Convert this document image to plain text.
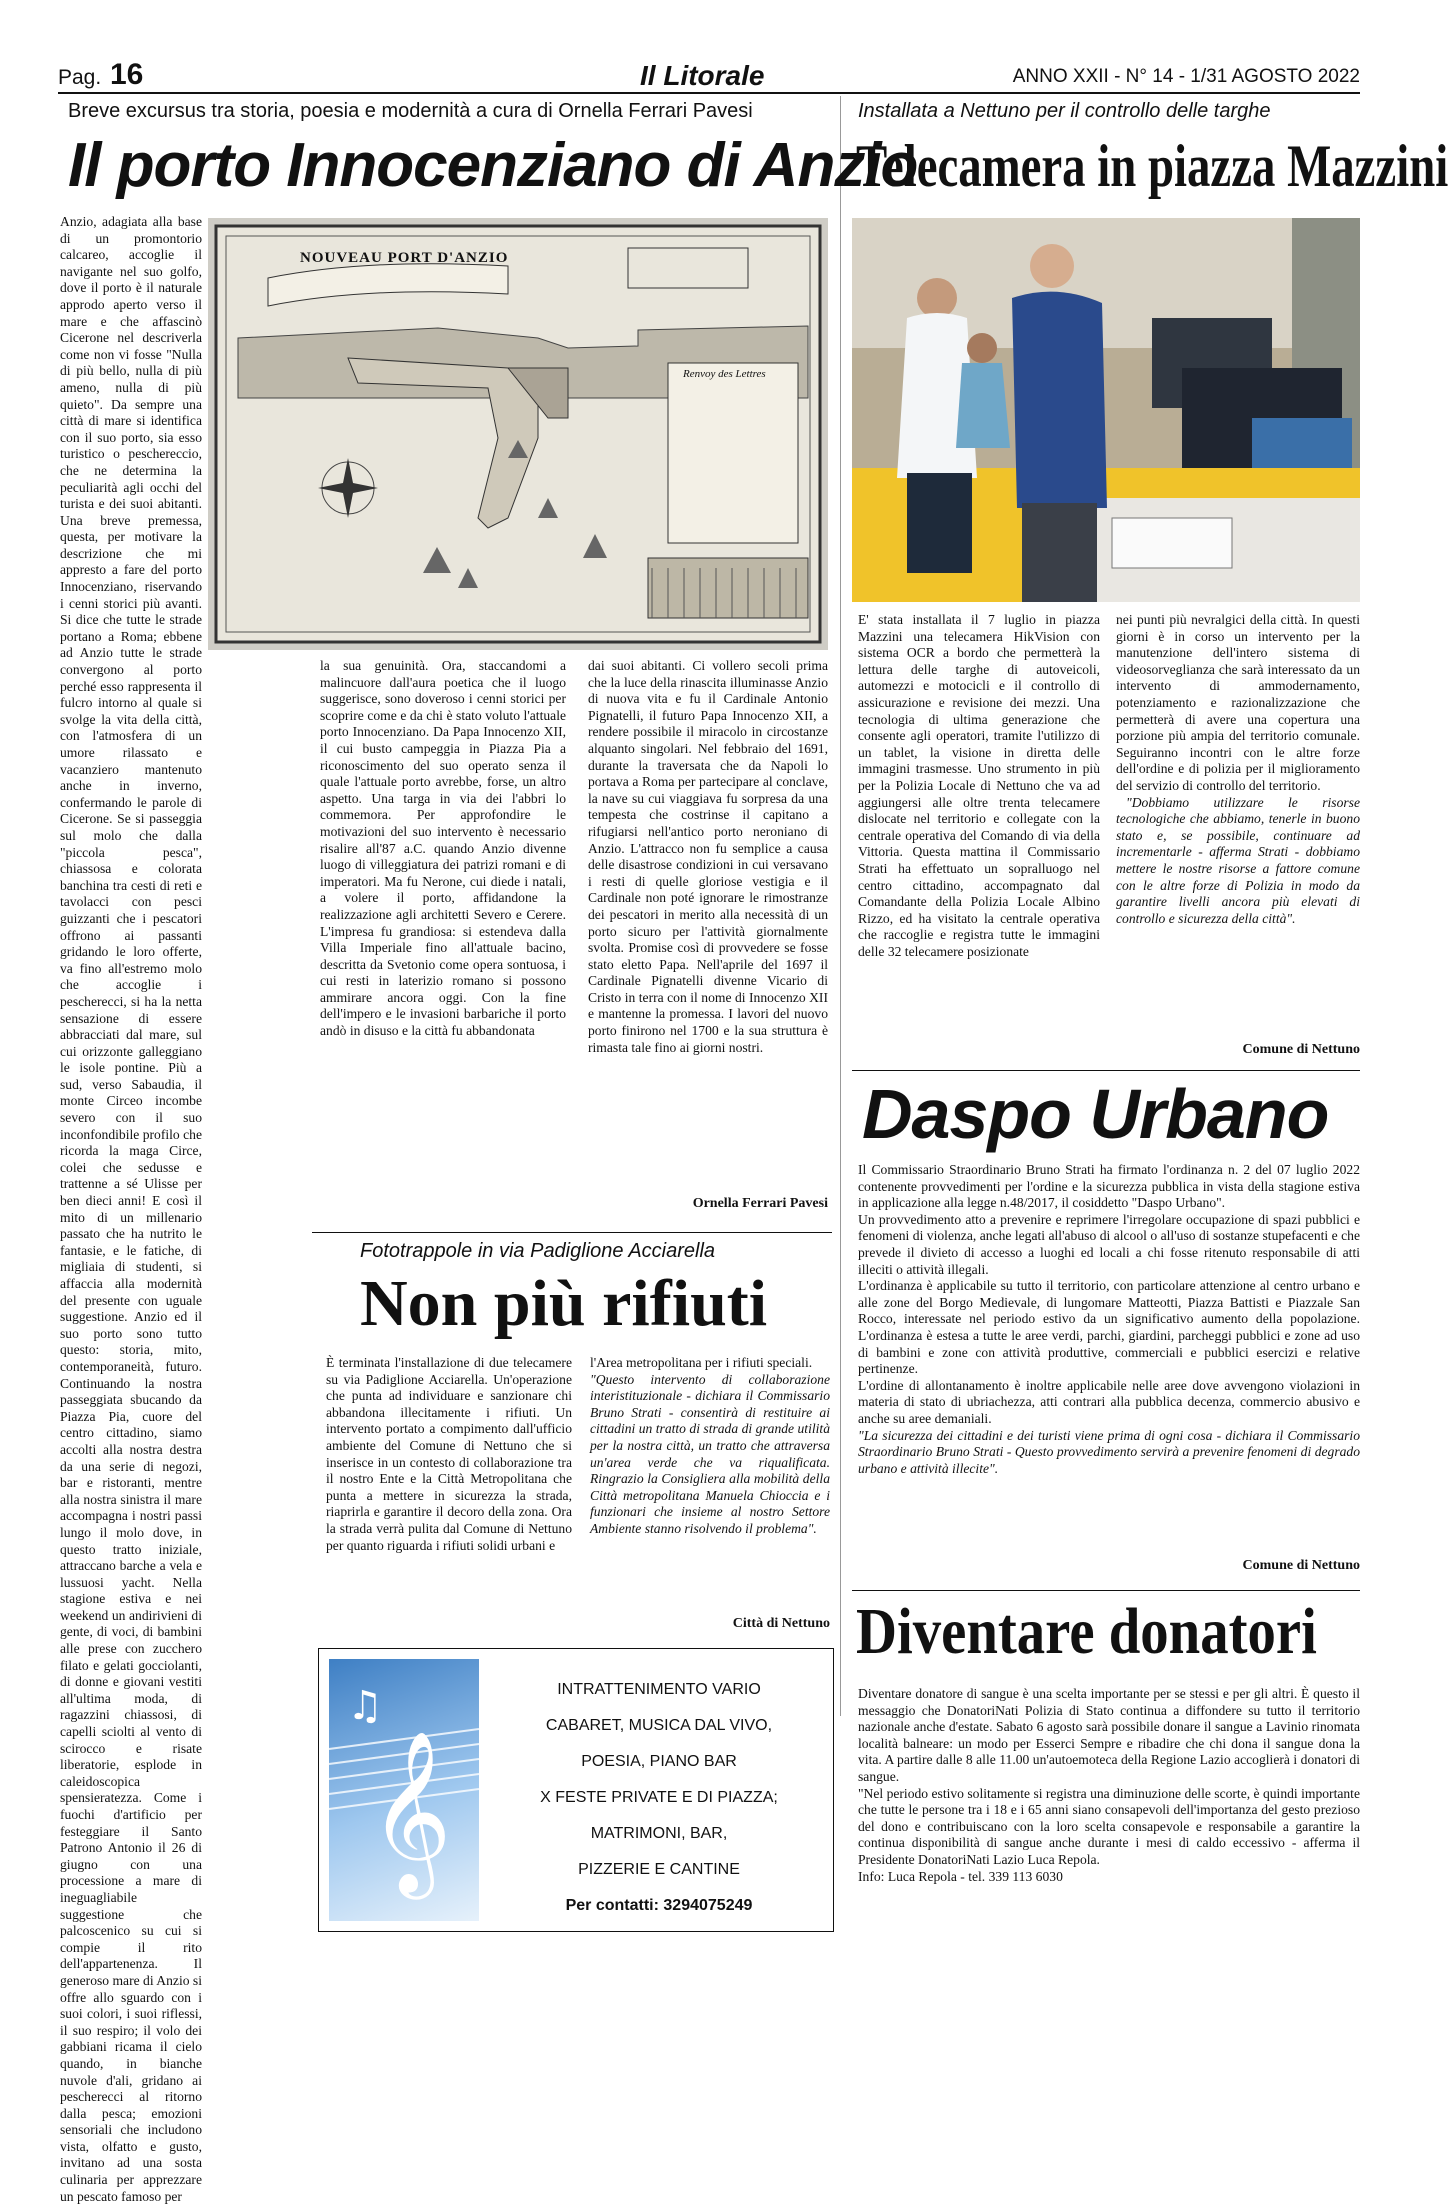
Pag. 16	Il Litorale	ANNO XXII - N° 14 - 1/31 AGOSTO 2022
Breve excursus tra storia, poesia e modernità a cura di Ornella Ferrari Pavesi
Il porto Innocenziano di Anzio
NOUVEAU PORT D'ANZIO
Renvoy des Lettres

Anzio, adagiata alla base di un promontorio calcareo, accoglie il navigante nel suo golfo, dove il porto è il naturale approdo aperto verso il mare e che affascinò Cicerone nel descriverla come non vi fosse "Nulla di più bello, nulla di più ameno, nulla di più quieto". Da sempre una città di mare si identifica con il suo porto, sia esso turistico o peschereccio, che ne determina la peculiarità agli occhi del turista e dei suoi abitanti. Una breve premessa, questa, per motivare la descrizione che mi appresto a fare del porto Innocenziano, riservando i cenni storici più avanti. Si dice che tutte le strade portano a Roma; ebbene ad Anzio tutte le strade convergono al porto perché esso rappresenta il fulcro intorno al quale si svolge la vita della città, con l'atmosfera di un umore rilassato e vacanziero mantenuto anche in inverno, confermando le parole di Cicerone. Se si passeggia sul molo che dalla "piccola pesca", chiassosa e colorata banchina tra cesti di reti e tavolacci con pesci guizzanti che i pescatori offrono ai passanti gridando le loro offerte, va fino all'estremo molo che accoglie i pescherecci, si ha la netta sensazione di essere abbracciati dal mare, sul cui orizzonte galleggiano le isole pontine. Più a sud, verso Sabaudia, il monte Circeo incombe severo con il suo inconfondibile profilo che ricorda la maga Circe, colei che sedusse e trattenne a sé Ulisse per ben dieci anni! E così il mito di un millenario passato che ha nutrito le fantasie, e le fatiche, di migliaia di studenti, si affaccia alla modernità del presente con uguale suggestione. Anzio ed il suo porto sono tutto questo: storia, mito, contemporaneità, futuro. Continuando la nostra passeggiata sbucando da Piazza Pia, cuore del centro cittadino, siamo accolti alla nostra destra da una serie di negozi, bar e ristoranti, mentre alla nostra sinistra il mare accompagna i nostri passi lungo il molo dove, in questo tratto iniziale, attraccano barche a vela e lussuosi yacht. Nella stagione estiva e nei weekend un andirivieni di gente, di voci, di bambini alle prese con zucchero filato e gelati gocciolanti, di donne e giovani vestiti all'ultima moda, di ragazzini chiassosi, di capelli sciolti al vento di scirocco e risate liberatorie, esplode in caleidoscopica spensieratezza. Come i fuochi d'artificio per festeggiare il Santo Patrono Antonio il 26 di giugno con una processione a mare di ineguagliabile suggestione che palcoscenico su cui si compie il rito dell'appartenenza. Il generoso mare di Anzio si offre allo sguardo con i suoi colori, i suoi riflessi, il suo respiro; il volo dei gabbiani ricama il cielo quando, in bianche nuvole d'ali, gridano ai pescherecci al ritorno dalla pesca; emozioni sensoriali che includono vista, olfatto e gusto, invitano ad una sosta culinaria per apprezzare un pescato famoso per

la sua genuinità. Ora, staccandomi a malincuore dall'aura poetica che il luogo suggerisce, sono doveroso i cenni storici per scoprire come e da chi è stato voluto l'attuale porto Innocenziano. Da Papa Innocenzo XII, il cui busto campeggia in Piazza Pia a riconoscimento del suo operato senza il quale l'attuale porto avrebbe, forse, un altro aspetto. Una targa in via dei l'abbri lo commemora. Per approfondire le motivazioni del suo intervento è necessario risalire all'87 a.C. quando Anzio divenne luogo di villeggiatura dei patrizi romani e di imperatori. Ma fu Nerone, cui diede i natali, a volere il porto, affidandone la realizzazione agli architetti Severo e Cerere. L'impresa fu grandiosa: si estendeva dalla Villa Imperiale fino all'attuale bacino, descritta da Svetonio come opera sontuosa, i cui resti in laterizio romano si possono ammirare ancora oggi. Con la fine dell'impero e le invasioni barbariche il porto andò in disuso e la città fu abbandonata

dai suoi abitanti. Ci vollero secoli prima che la luce della rinascita illuminasse Anzio di nuova vita e fu il Cardinale Antonio Pignatelli, il futuro Papa Innocenzo XII, a rendere possibile il miracolo in circostanze alquanto singolari. Nel febbraio del 1691, durante la traversata che da Napoli lo portava a Roma per partecipare al conclave, la nave su cui viaggiava fu sorpresa da una tempesta che costrinse il capitano a rifugiarsi nell'antico porto neroniano di Anzio. L'attracco non fu semplice a causa delle disastrose condizioni in cui versavano i resti di quelle gloriose vestigia e il Cardinale non poté ignorare le rimostranze dei pescatori in merito alla necessità di un porto sicuro per l'attività giornalmente svolta. Promise così di provvedere se fosse stato eletto Papa. Nell'aprile del 1697 il Cardinale Pignatelli divenne Vicario di Cristo in terra con il nome di Innocenzo XII e mantenne la promessa. I lavori del nuovo porto finirono nel 1700 e la sua struttura è rimasta tale fino ai giorni nostri.

Ornella Ferrari Pavesi
Fototrappole in via Padiglione Acciarella
Non più rifiuti

È terminata l'installazione di due telecamere su via Padiglione Acciarella. Un'operazione che punta ad individuare e sanzionare chi abbandona illecitamente i rifiuti. Un intervento portato a compimento dall'ufficio ambiente del Comune di Nettuno che si inserisce in un contesto di collaborazione tra il nostro Ente e la Città Metropolitana che punta a mettere in sicurezza la strada, riaprirla e garantire il decoro della zona. Ora la strada verrà pulita dal Comune di Nettuno per quanto riguarda i rifiuti solidi urbani e

l'Area metropolitana per i rifiuti speciali.

"Questo intervento di collaborazione interistituzionale - dichiara il Commissario Bruno Strati - consentirà di restituire ai cittadini un tratto di strada di grande utilità per la nostra città, un tratto che attraversa un'area verde che va riqualificata. Ringrazio la Consigliera alla mobilità della Città metropolitana Manuela Chioccia e i funzionari che insieme al nostro Settore Ambiente stanno risolvendo il problema".

Città di Nettuno
𝄞
♫	INTRATTENIMENTO VARIO
CABARET, MUSICA DAL VIVO,
POESIA, PIANO BAR
X FESTE PRIVATE E DI PIAZZA;
MATRIMONI, BAR,
PIZZERIE E CANTINE
Per contatti: 3294075249
Installata a Nettuno per il controllo delle targhe
Telecamera in piazza Mazzini

E' stata installata il 7 luglio in piazza Mazzini una telecamera HikVision con sistema OCR a bordo che permetterà la lettura delle targhe di autoveicoli, automezzi e motocicli e il controllo di assicurazione e revisione dei mezzi. Una tecnologia di ultima generazione che consente agli operatori, tramite l'utilizzo di un tablet, la visione in diretta delle immagini trasmesse. Uno strumento in più per la Polizia Locale di Nettuno che va ad aggiungersi alle oltre trenta telecamere dislocate nel territorio e collegate con la centrale operativa del Comando di via della Vittoria. Questa mattina il Commissario Strati ha effettuato un sopralluogo nel centro cittadino, accompagnato dal Comandante della Polizia Locale Albino Rizzo, ed ha visitato la centrale operativa che raccoglie e registra tutte le immagini delle 32 telecamere posizionate

nei punti più nevralgici della città. In questi giorni è in corso un intervento per la manutenzione dell'intero sistema di videosorveglianza che sarà interessato da un intervento di ammodernamento, potenziamento e razionalizzazione che permetterà di avere una copertura una porzione più ampia del territorio comunale. Seguiranno incontri con le altre forze dell'ordine e di polizia per il miglioramento del servizio di controllo del territorio.

"Dobbiamo utilizzare le risorse tecnologiche che abbiamo, tenerle in buono stato e, se possibile, continuare ad incrementarle - afferma Strati - dobbiamo mettere le nostre risorse a fattore comune con le altre forze di Polizia in modo da garantire livelli ancora più elevati di controllo e sicurezza della città".

Comune di Nettuno
Daspo Urbano

Il Commissario Straordinario Bruno Strati ha firmato l'ordinanza n. 2 del 07 luglio 2022 contenente provvedimenti per l'ordine e la sicurezza pubblica in vista della stagione estiva in applicazione alla legge n.48/2017, il cosiddetto "Daspo Urbano".

Un provvedimento atto a prevenire e reprimere l'irregolare occupazione di spazi pubblici e fenomeni di violenza, anche legati all'abuso di alcool o all'uso di sostanze stupefacenti e che prevede il divieto di accesso a luoghi ed locali a chi fosse ritenuto responsabile di atti illeciti o attività illegali.

L'ordinanza è applicabile su tutto il territorio, con particolare attenzione al centro urbano e alle zone del Borgo Medievale, di lungomare Matteotti, Piazza Battisti e Piazzale San Rocco, interessate nel periodo estivo da un significativo aumento della popolazione. L'ordinanza è estesa a tutte le aree verdi, parchi, giardini, parcheggi pubblici e zone ad uso di bambini e zone con attività produttive, commerciali e pubblici esercizi e relative pertinenze.

L'ordine di allontanamento è inoltre applicabile nelle aree dove avvengono violazioni in materia di stato di ubriachezza, atti contrari alla pubblica decenza, commercio abusivo e anche su aree demaniali.

"La sicurezza dei cittadini e dei turisti viene prima di ogni cosa - dichiara il Commissario Straordinario Bruno Strati - Questo provvedimento servirà a prevenire fenomeni di degrado urbano e attività illecite".

Comune di Nettuno
Diventare donatori

Diventare donatore di sangue è una scelta importante per se stessi e per gli altri. È questo il messaggio che DonatoriNati Polizia di Stato continua a diffondere su tutto il territorio nazionale anche d'estate. Sabato 6 agosto sarà possibile donare il sangue a Lavinio rinomata località balneare: un modo per Esserci Sempre e ribadire che chi dona il sangue dona la vita. A partire dalle 8 alle 11.00 un'autoemoteca della Regione Lazio accoglierà i donatori di sangue.

"Nel periodo estivo solitamente si registra una diminuzione delle scorte, è quindi importante che tutte le persone tra i 18 e i 65 anni siano consapevoli dell'importanza del gesto prezioso del dono e contribuiscano con la loro scelta consapevole e responsabile a garantire la continua disponibilità di sangue anche durante i mesi di caldo eccessivo - afferma il Presidente DonatoriNati Lazio Luca Repola.

Info: Luca Repola - tel. 339 113 6030
